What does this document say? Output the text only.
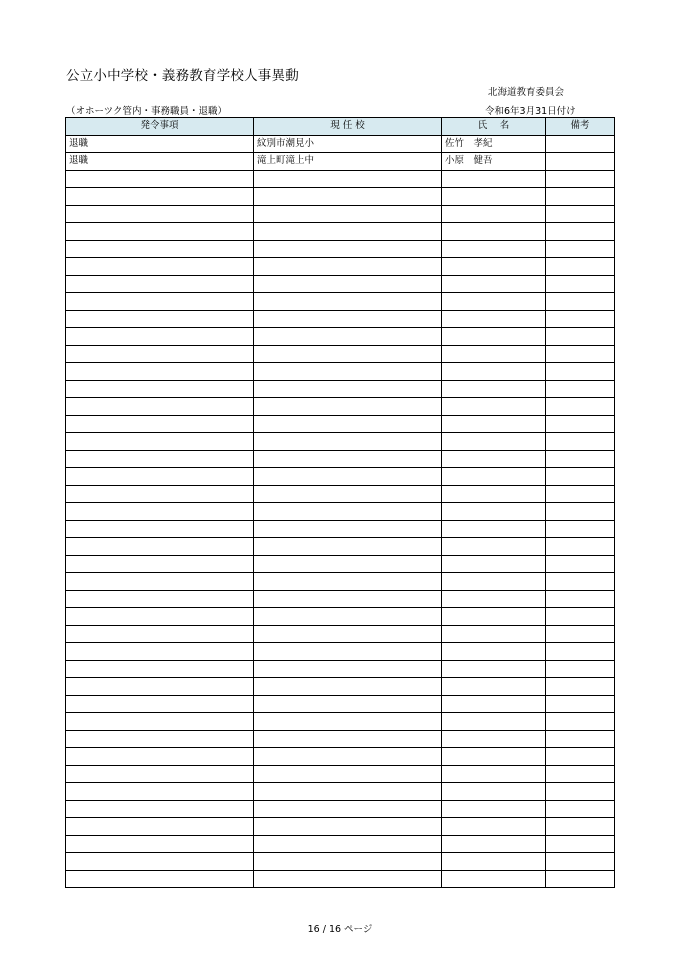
公立小中学校・義務教育学校人事異動
北海道教育委員会
（オホーツク管内・事務職員・退職）	令和6年3月31日付け
発令事項	現 任 校	氏　 名	備考
退職	紋別市潮見小	佐竹　孝紀	
退職	滝上町滝上中	小原　健吾	

16 / 16 ページ
